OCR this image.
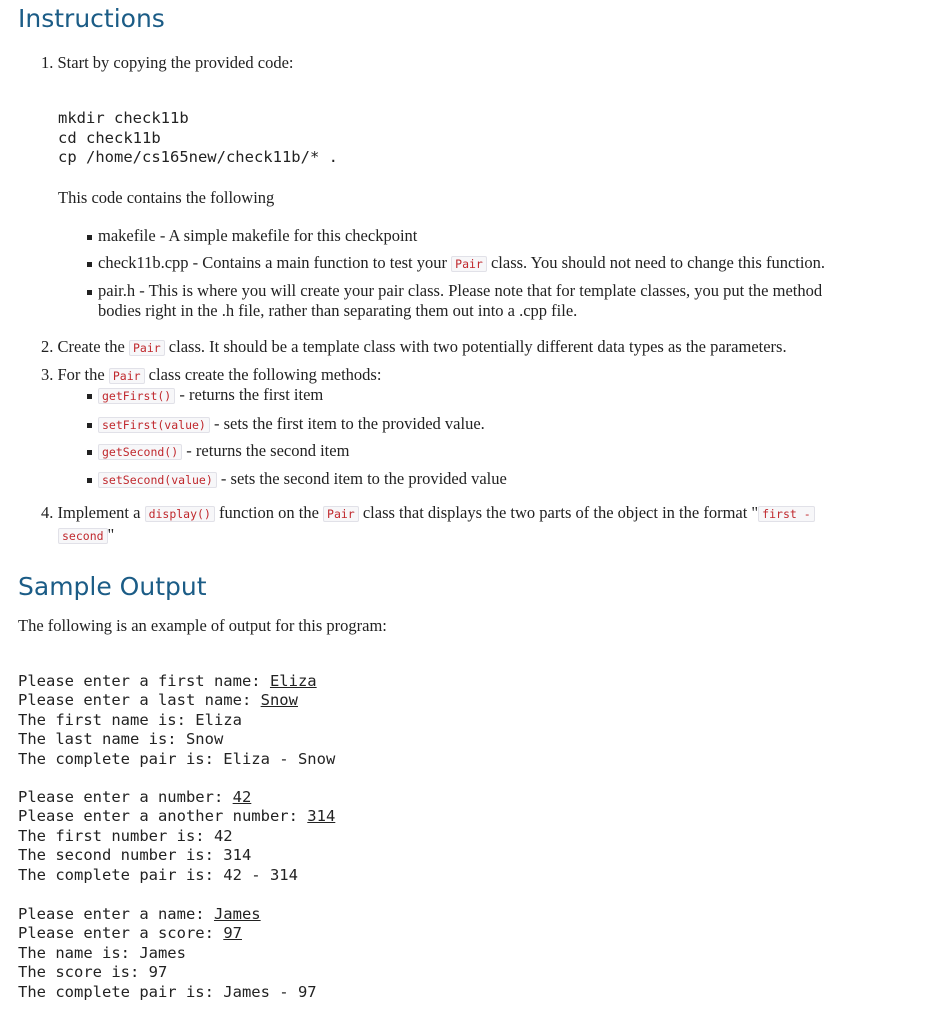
Instructions
1. Start by copying the provided code:
mkdir check11b
cd check11b
cp /home/cs165new/check11b/* .
This code contains the following
makefile - A simple makefile for this checkpoint
check11b.cpp - Contains a main function to test your Pair class. You should not need to change this function.
pair.h - This is where you will create your pair class. Please note that for template classes, you put the method
bodies right in the .h file, rather than separating them out into a .cpp file.
2. Create the Pair class. It should be a template class with two potentially different data types as the parameters.
3. For the Pair class create the following methods:
getFirst() - returns the first item
setFirst(value) - sets the first item to the provided value.
getSecond() - returns the second item
setSecond(value) - sets the second item to the provided value
4. Implement a display() function on the Pair class that displays the two parts of the object in the format " first -
second "
Sample Output
The following is an example of output for this program:
Please enter a first name: Eliza
Please enter a last name: Snow
The first name is: Eliza
The last name is: Snow
The complete pair is: Eliza - Snow
Please enter a number: 42
Please enter a another number: 314
The first number is: 42
The second number is: 314
The complete pair is: 42 - 314
Please enter a name: James
Please enter a score: 97
The name is: James
The score is: 97
The complete pair is: James - 97
